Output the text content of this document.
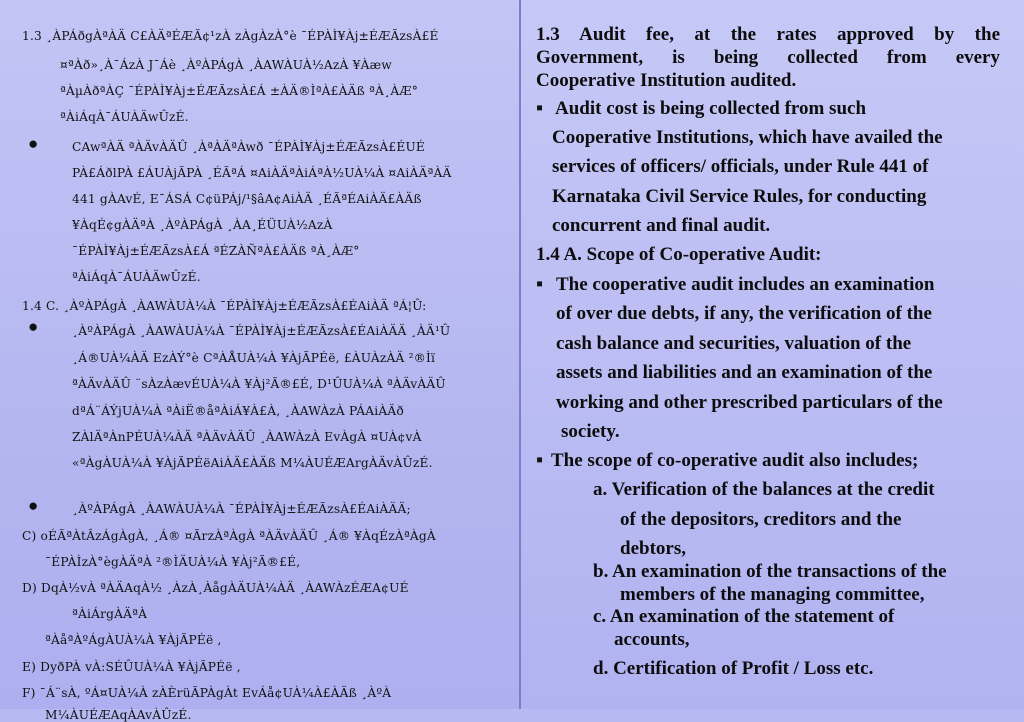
1.3 ¸ÀPÁðgÀªÀÄ C£ÀÄªÉÆÃ¢¹zÀ zÀgÀzÀ°è ¯ÉPÀÌ¥Àj±ÉÆÃzsÀ£É
¤ªÀð»¸À¯ÁzÀ J¯Áè ¸ÀºÀPÁgÀ ¸ÀAWÀUÀ½AzÀ ¥Àæw
ªÀµÀðªÀÇ ¯ÉPÀÌ¥Àj±ÉÆÃzsÀ£Á ±ÀÄ®ÌªÀ£ÀÄß ªÀ¸ÀÆ°
ªÀiÁqÀ¯ÁUÀÄwÛzÉ.
●	CAwªÀÄ ªÀÄvÀÄÛ ¸ÀªÀÄªÀwð ¯ÉPÀÌ¥Àj±ÉÆÃzsÀ£ÉUÉ
PÀ£ÁðlPÀ £ÁUÀjÃPÀ ¸ÉÃªÁ ¤AiÀÄªÀiÁªÀ½UÀ¼À ¤AiÀÄªÀÄ
441 gÀAvÉ, E¯ÁSÁ C¢üPÁj/¹§âA¢AiÀÄ ¸ÉÃªÉAiÀÄ£ÀÄß
¥ÀqÉ¢gÀÄªÀ ¸ÀºÀPÁgÀ ¸ÀA¸ÉÜUÀ½AzÀ
¯ÉPÀÌ¥Àj±ÉÆÃzsÀ£Á ªÉZÀÑªÀ£ÀÄß ªÀ¸ÀÆ°
ªÀiÁqÀ¯ÁUÀÄwÛzÉ.
1.4 C. ¸ÀºÀPÁgÀ ¸ÀAWÀUÀ¼À ¯ÉPÀÌ¥Àj±ÉÆÃzsÀ£ÉAiÀÄ ªÁ¦Û:
●	¸ÀºÀPÁgÀ ¸ÀAWÀUÀ¼À ¯ÉPÀÌ¥Àj±ÉÆÃzsÀ£ÉAiÀÄÄ ¸ÀÄ¹Û
¸Á®UÀ¼ÀÄ EzÀÝ°è CªÀÅUÀ¼À ¥ÀjÃPÉë, £ÀUÀzÀÄ ²®Ìï
ªÀÄvÀÄÛ ¨sÀzÀævÉUÀ¼À ¥Àj²Ã®£É, D¹ÛUÀ¼À ªÀÄvÀÄÛ
dªÁ¨ÁÝjUÀ¼À ªÀiË®åªÀiÁ¥À£À, ¸ÀAWÀzÀ PÁAiÀÄð
ZÀlÄªÀnPÉUÀ¼ÀÄ ªÀÄvÀÄÛ ¸ÀAWÀzÀ EvÀgÀ ¤UÀ¢vÀ
«ªÀgÀUÀ¼À ¥ÀjÃPÉëAiÀÄ£ÀÄß M¼ÀUÉÆArgÀÄvÀÛzÉ.
●	¸ÀºÀPÁgÀ ¸ÀAWÀUÀ¼À ¯ÉPÀÌ¥Àj±ÉÆÃzsÀ£ÉAiÀÄÄ;
C) oÉÃªÀtÂzÁgÀgÀ, ¸Á® ¤ÃrzÀªÀgÀ ªÀÄvÀÄÛ ¸Á® ¥ÀqÉzÀªÀgÀ
¯ÉPÀÌzÀ°ègÀÄªÀ ²®ÌÄUÀ¼À ¥Àj²Ã®£É,
D) DqÀ½vÀ ªÀÄAqÀ½ ¸ÀzÀ¸ÀågÀÄUÀ¼ÀÄ ¸ÀAWÀzÉÆA¢UÉ
ªÀiÁrgÀÄªÀ
ªÀåªÀºÁgÀUÀ¼À ¥ÀjÃPÉë ,
E) DyðPÀ vÀ:SÉÛUÀ¼À ¥ÀjÃPÉë ,
F) ¯Á¨sÀ, ºÁ¤UÀ¼À zÀÈrüÃPÀgÀt EvÁå¢UÀ¼À£ÀÄß ¸ÀºÀ
M¼ÀUÉÆAqÀAvÀÛzÉ.
1.3 Audit fee, at the rates approved by the
Government, is being collected from every
Cooperative Institution audited.
▪ Audit cost is being collected from such
Cooperative Institutions, which have availed the
services of officers/ officials, under Rule 441 of
Karnataka Civil Service Rules, for conducting
concurrent and final audit.
1.4 A. Scope of Co-operative Audit:
▪ The cooperative audit includes an examination
of over due debts, if any, the verification of the
cash balance and securities, valuation of the
assets and liabilities and an examination of the
working and other prescribed particulars of the
society.
▪ The scope of co-operative audit also includes;
a. Verification of the balances at the credit
of the depositors, creditors and the
debtors,
b. An examination of the transactions of the
members of the managing committee,
c. An examination of the statement of
accounts,
d. Certification of Profit / Loss etc.
